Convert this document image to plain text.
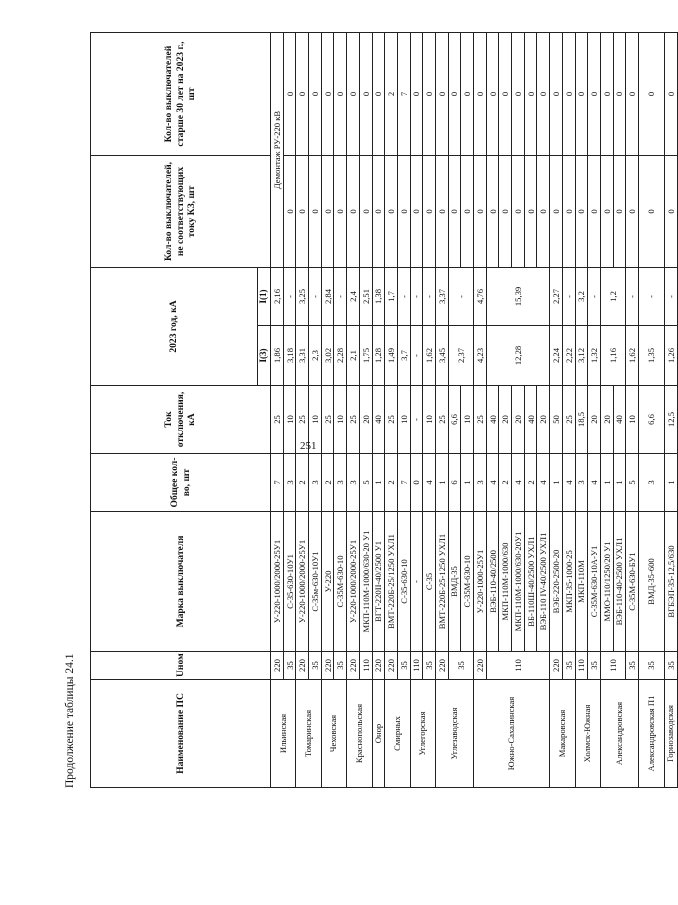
Продолжение таблицы 24.1	Наименование ПС	Uном	Марка выключателя	Общее кол-во, шт	Ток отключения, кА	2023 год, кА		Кол-во выключателей, не соответствующих току КЗ, шт	Кол-во выключателей старше 30 лет на 2023 г., шт
					I(3)	I(1)		
Ильинская	220	У-220-1000/2000-25У1	7	25	1,86	2,16	Демонтаж РУ-220 кВ	
	35	С-35-630-10У1	3	10	3,18	-	0	0
Томаринская	220	У-220-1000/2000-25У1	2	25	3,31	3,25	0	0
	35	С-35м-630-10У1	3	10	2,3	-	0	0
Чеховская	220	У-220	2	25	3,02	2,84	0	0
	35	С-35М-630-10	3	10	2,28	-	0	0
Краснопольская	220	У-220-1000/2000-25У1	3	25	2,1	2,4	0	0
	110	МКП-110М-1000/630-20 У1	5	20	1,75	2,51	0	0
Онор	220	ВГТ-220II-40/2500 У1	1	40	1,28	1,38	0	0
Смирных	220	ВМТ-220Б-25/1250 УХЛ1	2	25	1,49	1,7	0	2
	35	С-35-630-10	7	10	3,7	-	0	7
Углегорская	110	-	0	-	-	-	0	0
	35	С-35	4	10	1,62	-	0	0
Углезаводская	220	ВМТ-220Б-25-1250 УХЛ1	1	25	3,45	3,37	0	0
	35	ВМД-35	6	6,6	2,37	-	0	0
		С-35М-630-10	1	10			0	0
Южно-Сахалинская	220	У-220-1000-25У1	3	25	4,23	4,76	0	0
	110	ВЭБ-110-40/2500	4	40	12,28	15,39	0	0
		МКП-110М-1000/630	2	20			0	0
		МКП-110М-1000/630-20У1	4	20			0	0
		ВБ-110Ш-40/2500 УХЛ1	2	40			0	0
		ВЭБ-110 IV-40/2500 УХЛ1	4	20			0	0
Макаровская	220	ВЭБ-220-2500-20	1	50	2,24	2,27	0	0
	35	МКП-35-1000-25	4	25	2,22	-	0	0
Холмск-Южная	110	МКП-110М	3	18,5	3,12	3,2	0	0
	35	С-35М-630-10А-У1	4	20	1,32	-	0	0
Александровская	110	ММО-110/1250/20 У1	1	20	1,16	1,2	0	0
		ВЭБ-110-40-2500 УХЛ1	1	40			0	0
	35	С-35М-630-БУ1	5	10	1,62	-	0	0
Александровская П1	35	ВМД-35-600	3	6,6	1,35	-	0	0
Горнозаводская	35	ВГБЭП-35-12,5/630	1	12,5	1,26	-	0	0
251
